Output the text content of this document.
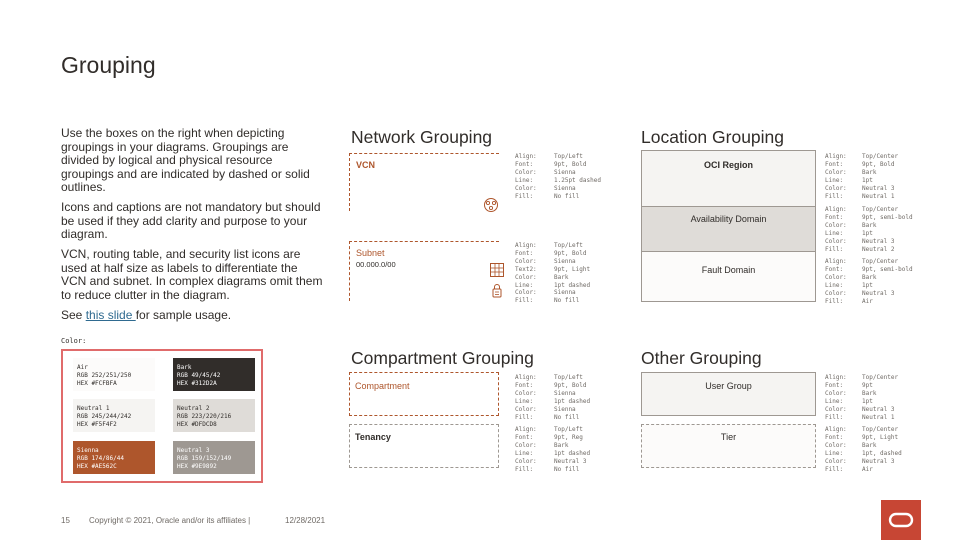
Grouping
Use the boxes on the right when depicting groupings in your diagrams. Groupings are divided by logical and physical resource groupings and are indicated by dashed or solid outlines.
Icons and captions are not mandatory but should be used if they add clarity and purpose to your diagram.
VCN, routing table, and security list icons are used at half size as labels to differentiate the VCN and subnet. In complex diagrams omit them to reduce clutter in the diagram.
See this slide for sample usage.
Color:
Air
RGB 252/251/250
HEX #FCFBFA
Bark
RGB 49/45/42
HEX #312D2A
Neutral 1
RGB 245/244/242
HEX #F5F4F2
Neutral 2
RGB 223/220/216
HEX #DFDCD8
Sienna
RGB 174/86/44
HEX #AE562C
Neutral 3
RGB 159/152/149
HEX #9E9892
Network Grouping
VCN
Align:
Font:
Color:
Line:
Color:
Fill:
Top/Left
9pt, Bold
Sienna
1.25pt dashed
Sienna
No fill
Subnet
00.000.0/00
Align:
Font:
Color:
Text2:
Color:
Line:
Color:
Fill:
Top/Left
9pt, Bold
Sienna
9pt, Light
Bark
1pt dashed
Sienna
No fill
Location Grouping
OCI Region
Availability Domain
Fault Domain
Align:
Font:
Color:
Line:
Color:
Fill:
Top/Center
9pt, Bold
Bark
1pt
Neutral 3
Neutral 1
Align:
Font:
Color:
Line:
Color:
Fill:
Top/Center
9pt, semi-bold
Bark
1pt
Neutral 3
Neutral 2
Align:
Font:
Color:
Line:
Color:
Fill:
Top/Center
9pt, semi-bold
Bark
1pt
Neutral 3
Air
Compartment Grouping
Compartment
Align:
Font:
Color:
Line:
Color:
Fill:
Top/Left
9pt, Bold
Sienna
1pt dashed
Sienna
No fill
Tenancy
Align:
Font:
Color:
Line:
Color:
Fill:
Top/Left
9pt, Reg
Bark
1pt dashed
Neutral 3
No fill
Other Grouping
User Group
Align:
Font:
Color:
Line:
Color:
Fill:
Top/Center
9pt
Bark
1pt
Neutral 3
Neutral 1
Tier
Align:
Font:
Color:
Line:
Color:
Fill:
Top/Center
9pt, Light
Bark
1pt, dashed
Neutral 3
Air
15 Copyright © 2021, Oracle and/or its affiliates |	12/28/2021
